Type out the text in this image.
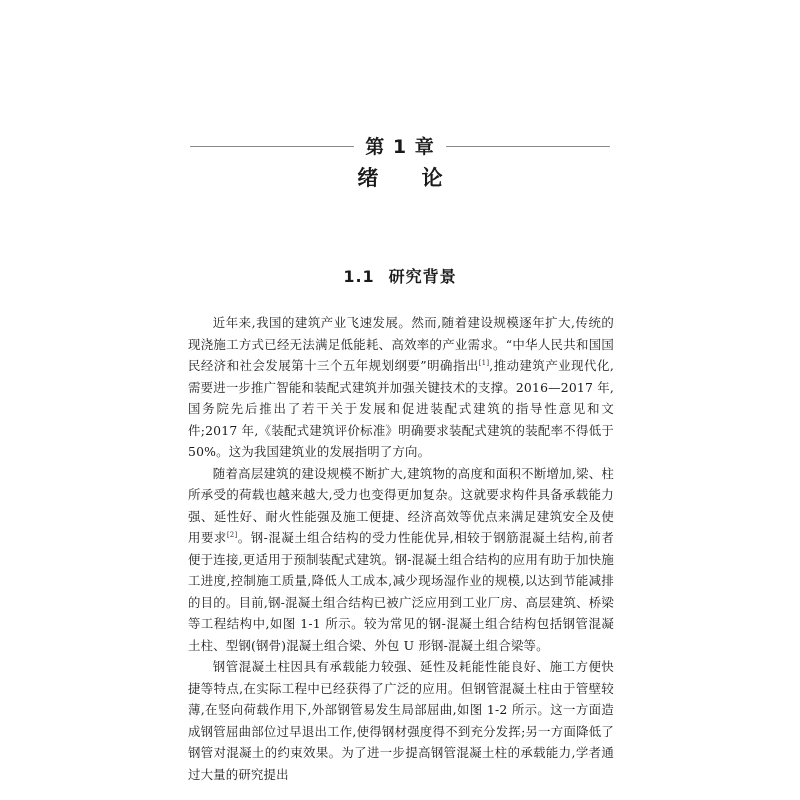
第 1 章
绪 论
1.1 研究背景

近年来,我国的建筑产业飞速发展。然而,随着建设规模逐年扩大,传统的现浇施工方式已经无法满足低能耗、高效率的产业需求。“中华人民共和国国民经济和社会发展第十三个五年规划纲要”明确指出[1],推动建筑产业现代化,需要进一步推广智能和装配式建筑并加强关键技术的支撑。2016—2017 年,国务院先后推出了若干关于发展和促进装配式建筑的指导性意见和文件;2017 年,《装配式建筑评价标准》明确要求装配式建筑的装配率不得低于 50%。这为我国建筑业的发展指明了方向。

随着高层建筑的建设规模不断扩大,建筑物的高度和面积不断增加,梁、柱所承受的荷载也越来越大,受力也变得更加复杂。这就要求构件具备承载能力强、延性好、耐火性能强及施工便捷、经济高效等优点来满足建筑安全及使用要求[2]。钢-混凝土组合结构的受力性能优异,相较于钢筋混凝土结构,前者便于连接,更适用于预制装配式建筑。钢-混凝土组合结构的应用有助于加快施工进度,控制施工质量,降低人工成本,减少现场湿作业的规模,以达到节能减排的目的。目前,钢-混凝土组合结构已被广泛应用到工业厂房、高层建筑、桥梁等工程结构中,如图 1-1 所示。较为常见的钢-混凝土组合结构包括钢管混凝土柱、型钢(钢骨)混凝土组合梁、外包 U 形钢-混凝土组合梁等。

钢管混凝土柱因具有承载能力较强、延性及耗能性能良好、施工方便快捷等特点,在实际工程中已经获得了广泛的应用。但钢管混凝土柱由于管壁较薄,在竖向荷载作用下,外部钢管易发生局部屈曲,如图 1-2 所示。这一方面造成钢管屈曲部位过早退出工作,使得钢材强度得不到充分发挥;另一方面降低了钢管对混凝土的约束效果。为了进一步提高钢管混凝土柱的承载能力,学者通过大量的研究提出
